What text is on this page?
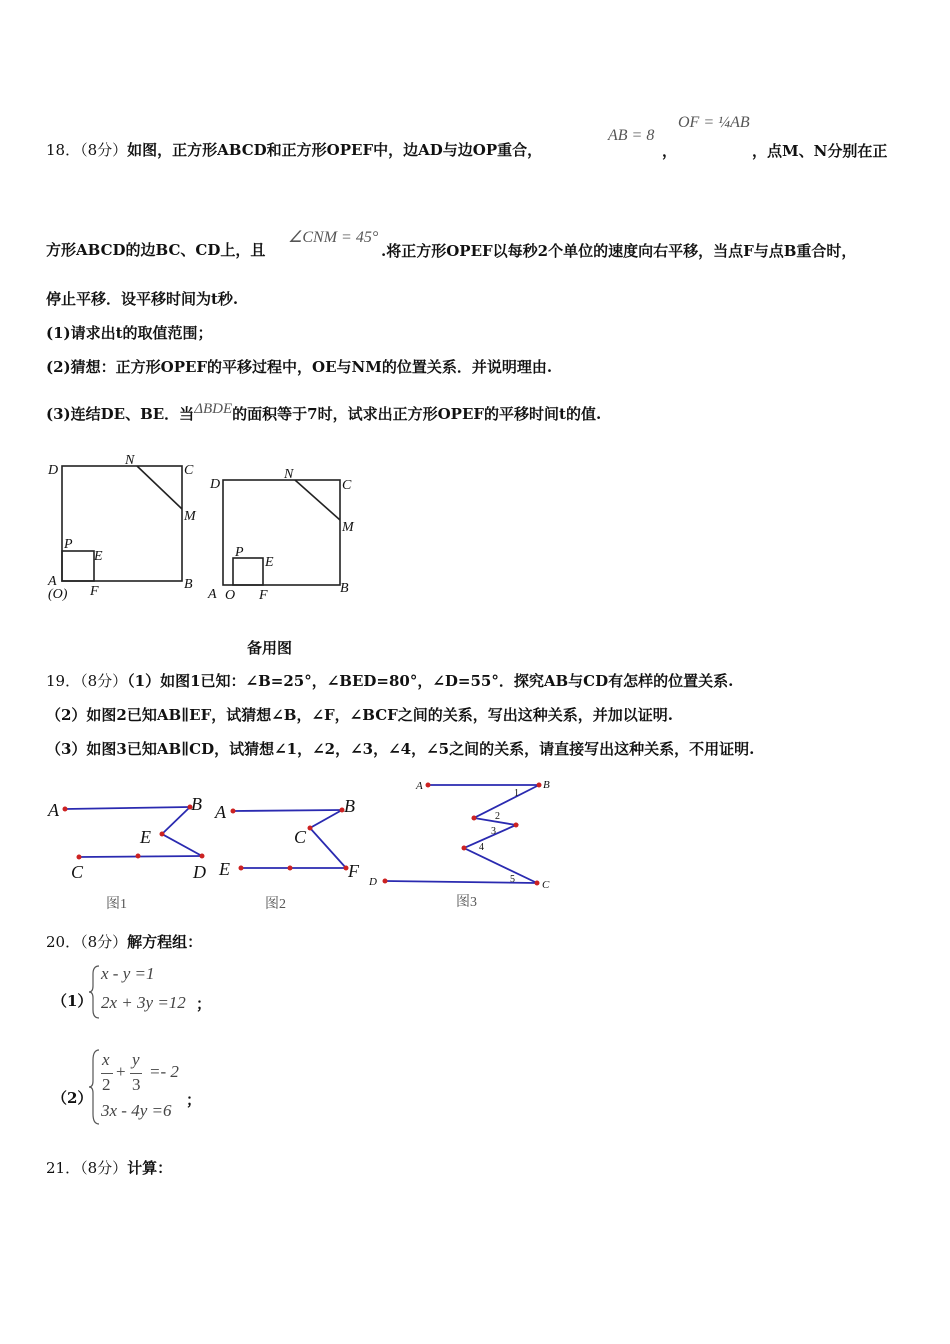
18．（8分）如图，正方形ABCD和正方形OPEF中，边AD与边OP重合，
AB = 8
，
OF = ¼AB
，点M、N分别在正
方形ABCD的边BC、CD上，且
∠CNM = 45°
.将正方形OPEF以每秒2个单位的速度向右平移，当点F与点B重合时，
停止平移．设平移时间为t秒.
(1)请求出t的取值范围；
(2)猜想：正方形OPEF的平移过程中，OE与NM的位置关系．并说明理由.
(3)连结DE、BE．当ΔBDE的面积等于7时，试求出正方形OPEF的平移时间t的值.
D
N
C
M
P
E
A
(O) F	B
D
N
C
M
P
E
A O F	B
备用图
19．（8分）（1）如图1已知：∠B=25°，∠BED=80°，∠D=55°．探究AB与CD有怎样的位置关系.
（2）如图2已知AB∥EF，试猜想∠B，∠F，∠BCF之间的关系，写出这种关系，并加以证明.
（3）如图3已知AB∥CD，试猜想∠1，∠2，∠3，∠4，∠5之间的关系，请直接写出这种关系，不用证明.
A	B
E
C	D
图1
A	B
C
E	F
图2
A	B
D	C
1
2
3
4
5
图3
20．（8分）解方程组：
（1）
x - y =1
2x + 3y =12 ；
（2）
x
2
+
y
3
=- 2
3x - 4y =6
；
21．（8分）计算：
